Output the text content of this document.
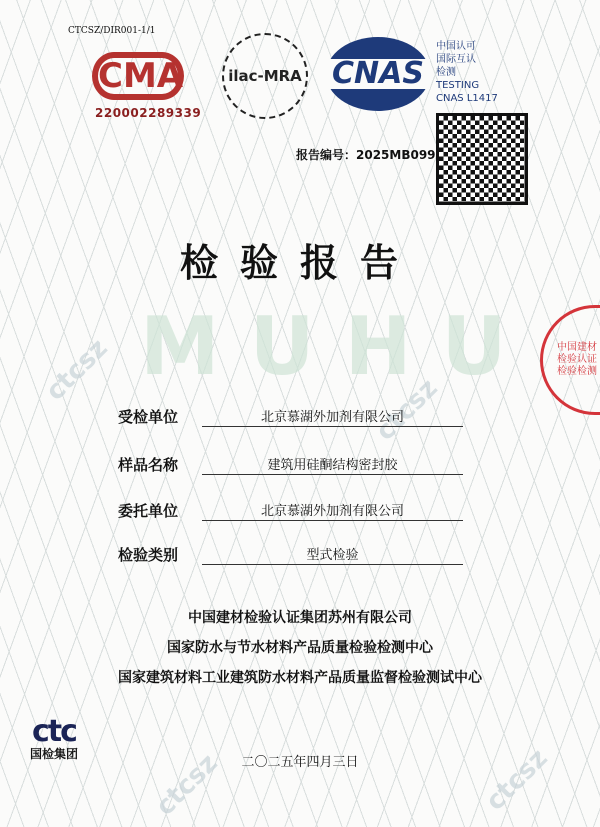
ctcsz
ctcsz
ctcsz	ctcsz
MUHU
CTCSZ/DIR001-1/1
CMA
220002289339
ilac-MRA CNAS
中国认可
国际互认
检测
TESTING
CNAS L1417
报告编号：2025MB099
检验报告
中国建材检验认证 检验检测
受检单位	北京慕湖外加剂有限公司
样品名称	建筑用硅酮结构密封胶
委托单位	北京慕湖外加剂有限公司
检验类别	型式检验
中国建材检验认证集团苏州有限公司
国家防水与节水材料产品质量检验检测中心
国家建筑材料工业建筑防水材料产品质量监督检验测试中心
ctc
国检集团
二〇二五年四月三日
